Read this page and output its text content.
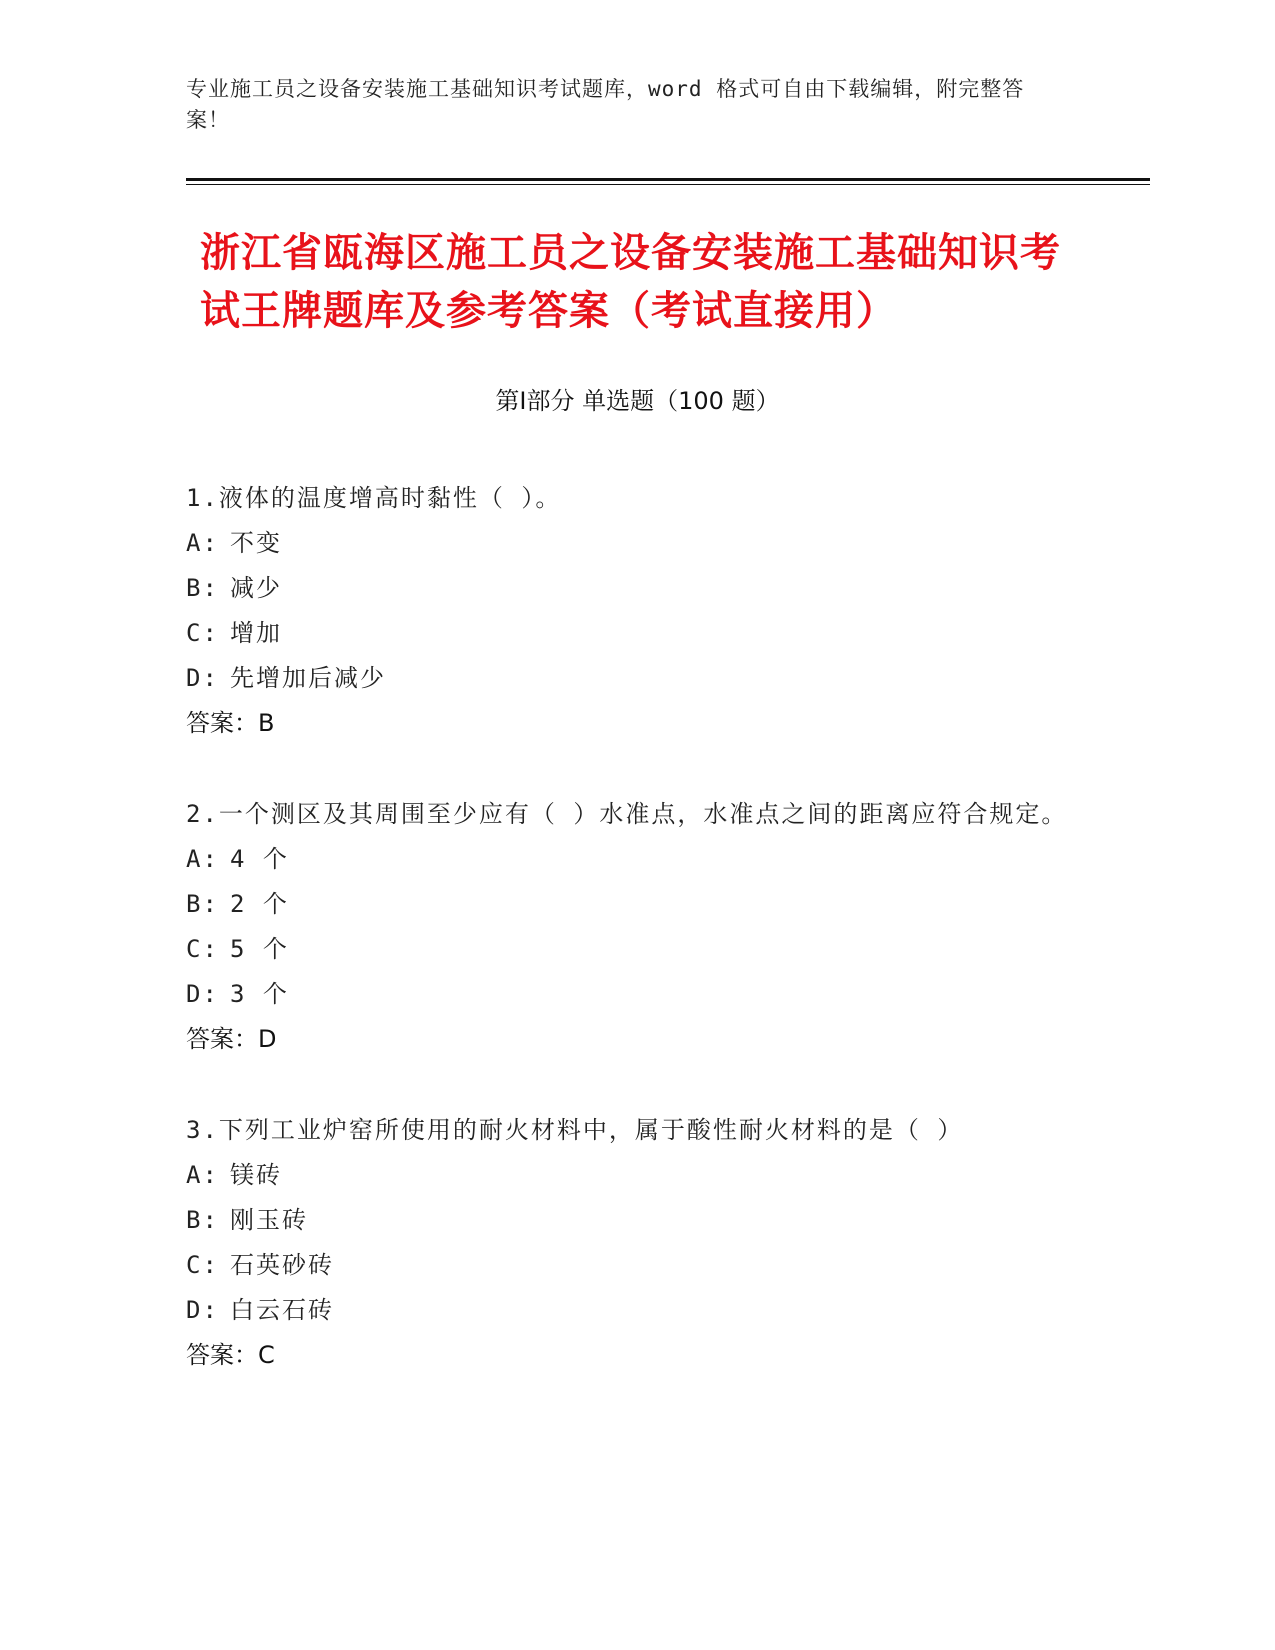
专业施工员之设备安装施工基础知识考试题库，word 格式可自由下载编辑，附完整答案！
浙江省瓯海区施工员之设备安装施工基础知识考试王牌题库及参考答案（考试直接用）
第Ⅰ部分 单选题（100 题）
1.液体的温度增高时黏性（ ）。
A: 不变
B: 减少
C: 增加
D: 先增加后减少
答案：B
2.一个测区及其周围至少应有（ ）水准点，水准点之间的距离应符合规定。
A: 4 个
B: 2 个
C: 5 个
D: 3 个
答案：D
3.下列工业炉窑所使用的耐火材料中，属于酸性耐火材料的是（ ）
A: 镁砖
B: 刚玉砖
C: 石英砂砖
D: 白云石砖
答案：C
